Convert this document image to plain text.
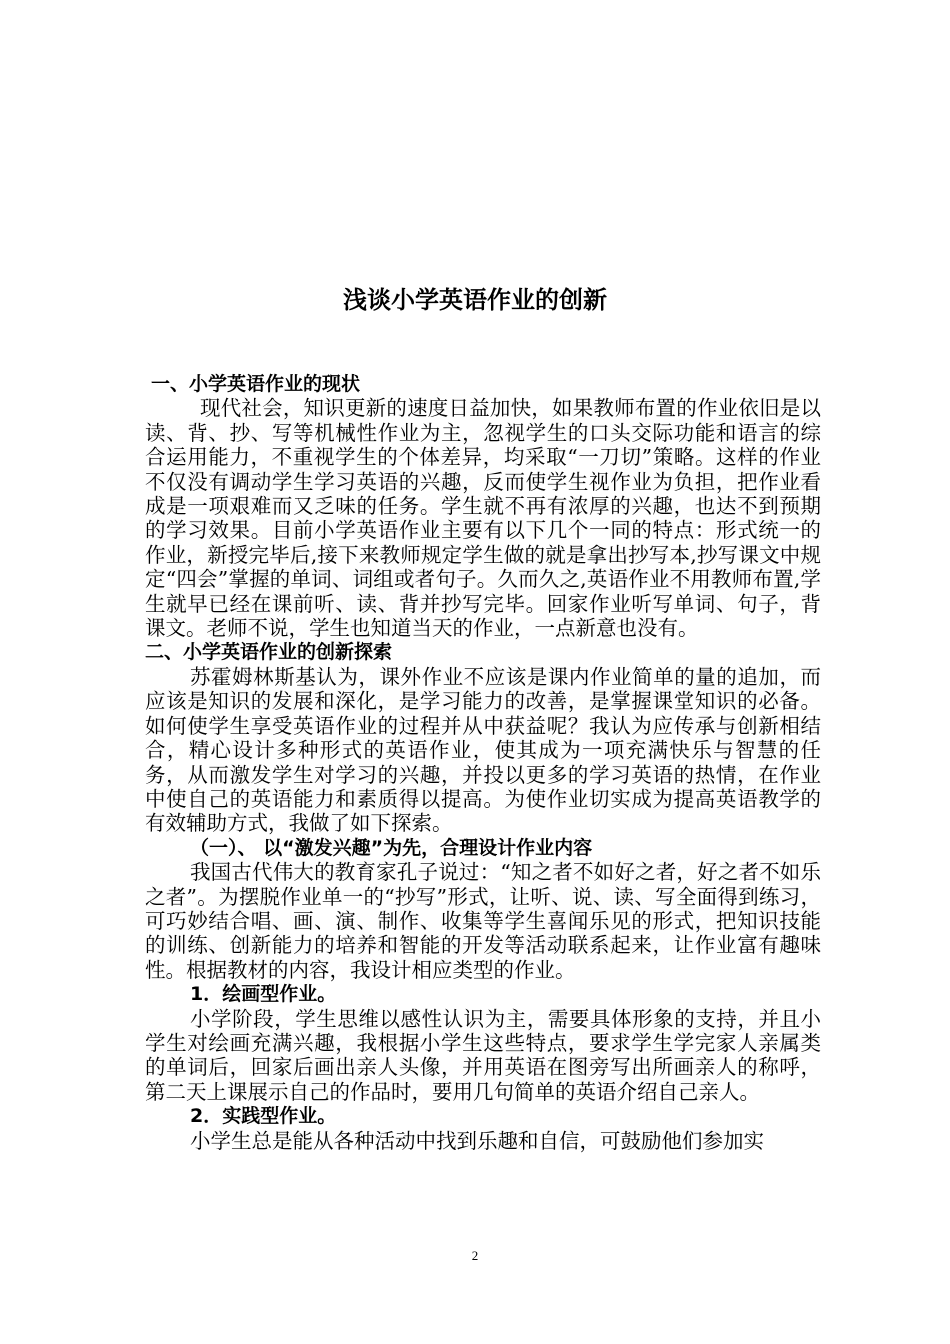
浅谈小学英语作业的创新
一、小学英语作业的现状
现代社会，知识更新的速度日益加快，如果教师布置的作业依旧是以读、背、抄、写等机械性作业为主，忽视学生的口头交际功能和语言的综合运用能力，不重视学生的个体差异，均采取“一刀切”策略。这样的作业不仅没有调动学生学习英语的兴趣，反而使学生视作业为负担，把作业看成是一项艰难而又乏味的任务。学生就不再有浓厚的兴趣，也达不到预期的学习效果。目前小学英语作业主要有以下几个一同的特点：形式统一的作业，新授完毕后,接下来教师规定学生做的就是拿出抄写本,抄写课文中规定“四会”掌握的单词、词组或者句子。久而久之,英语作业不用教师布置,学生就早已经在课前听、读、背并抄写完毕。回家作业听写单词、句子，背课文。老师不说，学生也知道当天的作业，一点新意也没有。
二、小学英语作业的创新探索
苏霍姆林斯基认为，课外作业不应该是课内作业简单的量的追加，而应该是知识的发展和深化，是学习能力的改善，是掌握课堂知识的必备。如何使学生享受英语作业的过程并从中获益呢？我认为应传承与创新相结合，精心设计多种形式的英语作业，使其成为一项充满快乐与智慧的任务，从而激发学生对学习的兴趣，并投以更多的学习英语的热情，在作业中使自己的英语能力和素质得以提高。为使作业切实成为提高英语教学的有效辅助方式，我做了如下探索。
（一）、 以“激发兴趣”为先，合理设计作业内容
我国古代伟大的教育家孔子说过：“知之者不如好之者，好之者不如乐之者”。为摆脱作业单一的“抄写”形式，让听、说、读、写全面得到练习，可巧妙结合唱、画、演、制作、收集等学生喜闻乐见的形式，把知识技能的训练、创新能力的培养和智能的开发等活动联系起来，让作业富有趣味性。根据教材的内容，我设计相应类型的作业。
1．绘画型作业。
小学阶段，学生思维以感性认识为主，需要具体形象的支持，并且小学生对绘画充满兴趣，我根据小学生这些特点，要求学生学完家人亲属类的单词后，回家后画出亲人头像，并用英语在图旁写出所画亲人的称呼，第二天上课展示自己的作品时，要用几句简单的英语介绍自己亲人。
2．实践型作业。
小学生总是能从各种活动中找到乐趣和自信，可鼓励他们参加实
2
